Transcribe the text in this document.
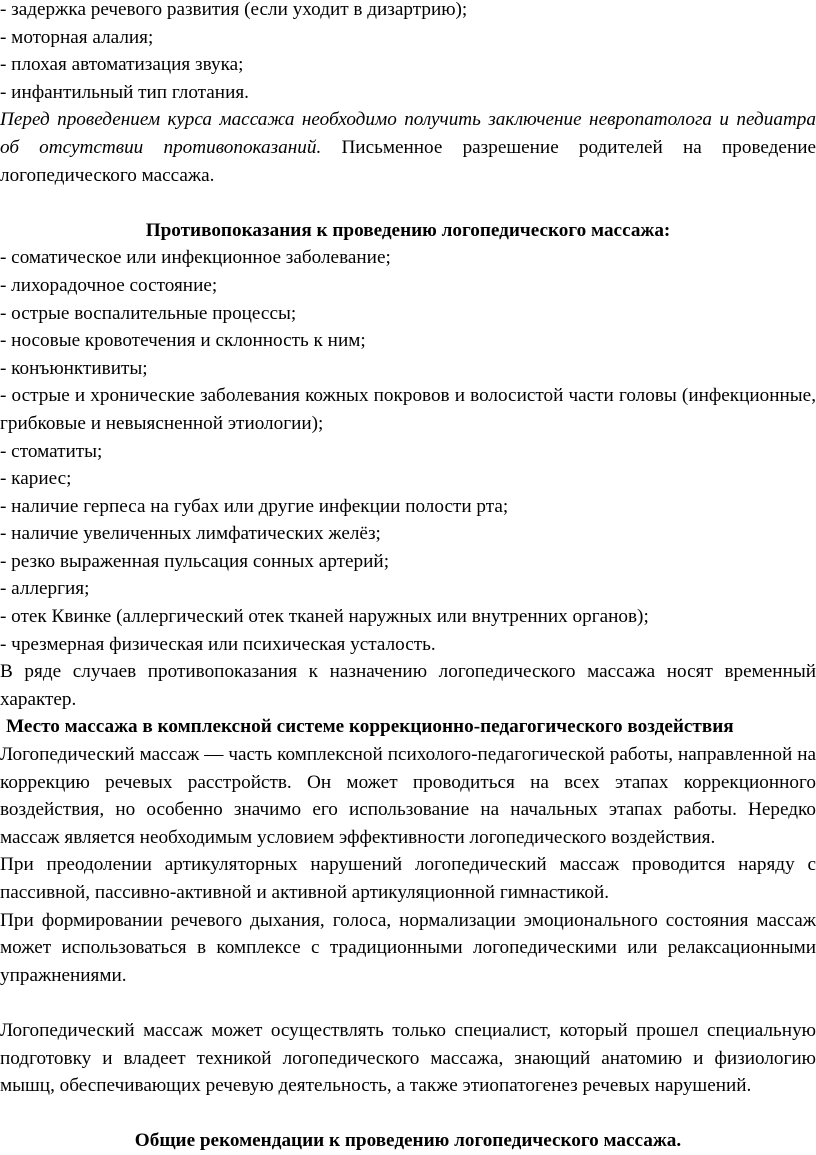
- задержка речевого развития (если уходит в дизартрию);

- моторная алалия;

- плохая автоматизация звука;

- инфантильный тип глотания.

Перед проведением курса массажа необходимо получить заключение невропатолога и педиатра об отсутствии противопоказаний. Письменное разрешение родителей на проведение логопедического массажа.

Противопоказания к проведению логопедического массажа:

- соматическое или инфекционное заболевание;

- лихорадочное состояние;

- острые воспалительные процессы;

- носовые кровотечения и склонность к ним;

- конъюнктивиты;

- острые и хронические заболевания кожных покровов и волосистой части головы (инфекционные, грибковые и невыясненной этиологии);

- стоматиты;

- кариес;

- наличие герпеса на губах или другие инфекции полости рта;

- наличие увеличенных лимфатических желёз;

- резко выраженная пульсация сонных артерий;

- аллергия;

- отек Квинке (аллергический отек тканей наружных или внутренних органов);

- чрезмерная физическая или психическая усталость.

В ряде случаев противопоказания к назначению логопедического массажа носят временный характер.

Место массажа в комплексной системе коррекционно-педагогического воздействия

Логопедический массаж — часть комплексной психолого-педагогической работы, направленной на коррекцию речевых расстройств. Он может проводиться на всех этапах коррекционного воздействия, но особенно значимо его использование на начальных этапах работы. Нередко массаж является необходимым условием эффективности логопедического воздействия.

При преодолении артикуляторных нарушений логопедический массаж проводится наряду с пассивной, пассивно-активной и активной артикуляционной гимнастикой.

При формировании речевого дыхания, голоса, нормализации эмоционального состояния массаж может использоваться в комплексе с традиционными логопедическими или релаксационными упражнениями.

Логопедический массаж может осуществлять только специалист, который прошел специальную подготовку и владеет техникой логопедического массажа, знающий анатомию и физиологию мышц, обеспечивающих речевую деятельность, а также этиопатогенез речевых нарушений.

Общие рекомендации к проведению логопедического массажа.
